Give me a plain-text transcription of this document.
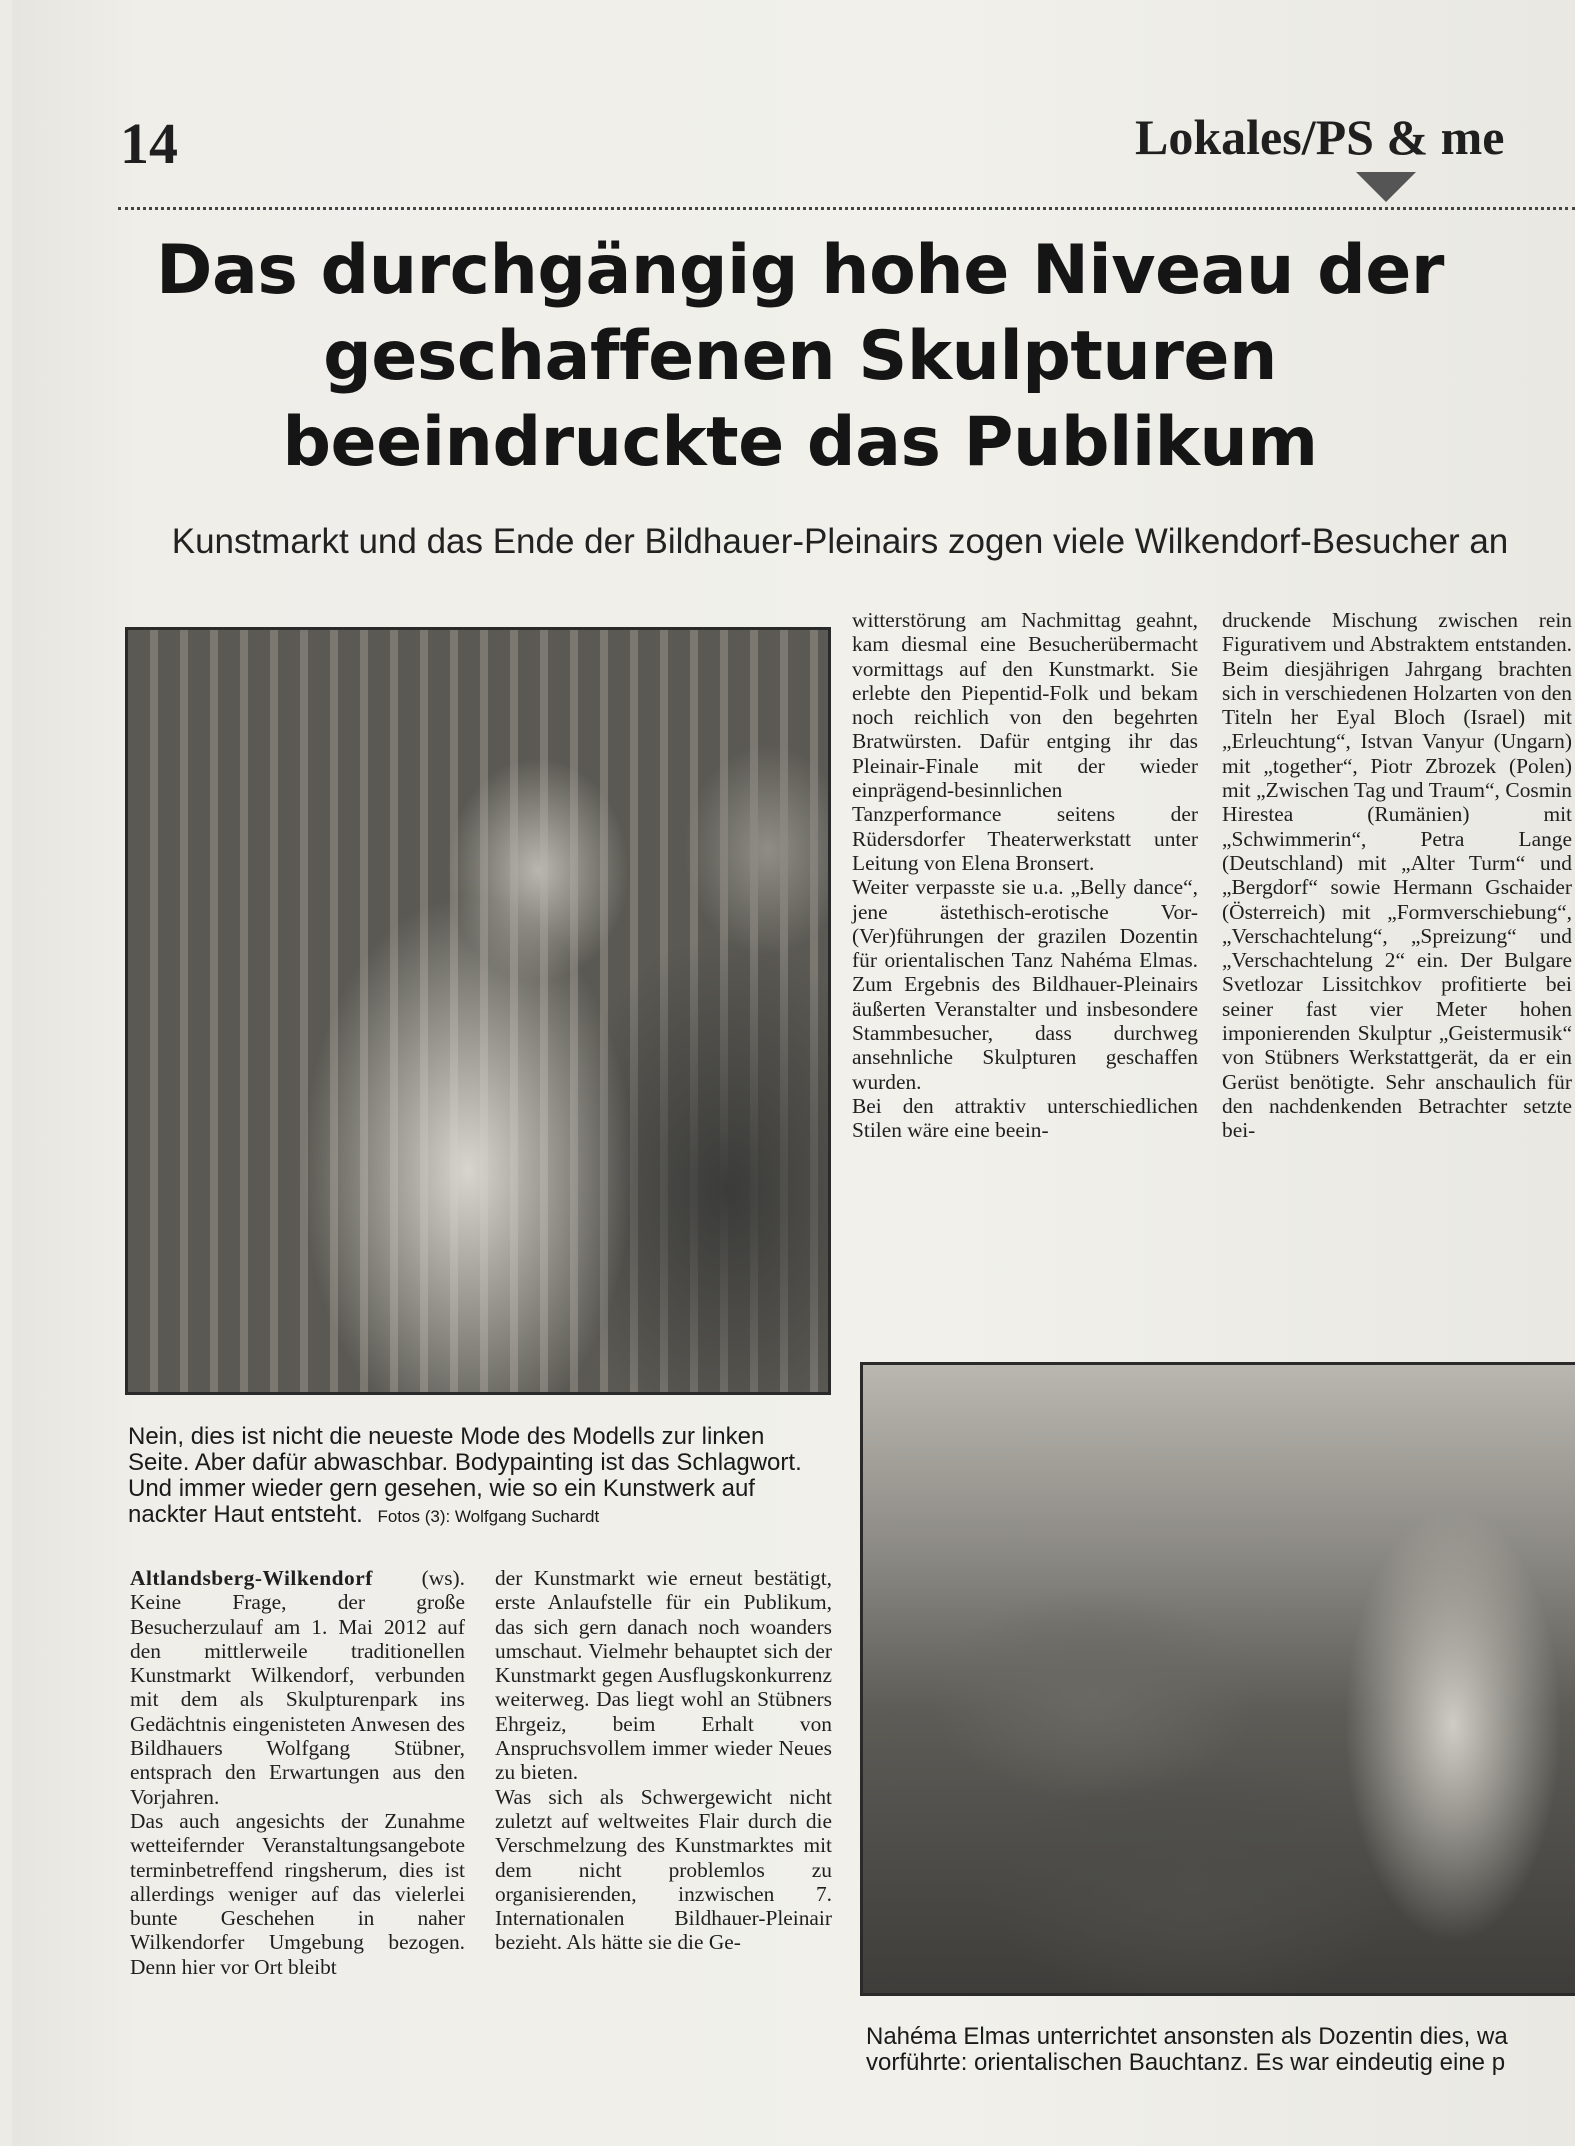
14	Lokales/PS & me
Das durchgängig hohe Niveau der geschaffenen Skulpturen beeindruckte das Publikum
Kunstmarkt und das Ende der Bildhauer-Pleinairs zogen viele Wilkendorf-Besucher an
Nein, dies ist nicht die neueste Mode des Modells zur linken Seite. Aber dafür abwaschbar. Bodypainting ist das Schlagwort. Und immer wieder gern gesehen, wie so ein Kunstwerk auf nackter Haut entsteht. Fotos (3): Wolfgang Suchardt

Altlandsberg-Wilkendorf (ws). Keine Frage, der große Besucherzulauf am 1. Mai 2012 auf den mittlerweile traditionellen Kunstmarkt Wilkendorf, verbunden mit dem als Skulpturenpark ins Gedächtnis eingenisteten Anwesen des Bildhauers Wolfgang Stübner, entsprach den Erwartungen aus den Vorjahren.

Das auch angesichts der Zunahme wetteifernder Veranstaltungsangebote terminbetreffend ringsherum, dies ist allerdings weniger auf das vielerlei bunte Geschehen in naher Wilkendorfer Umgebung bezogen. Denn hier vor Ort bleibt

der Kunstmarkt wie erneut bestätigt, erste Anlaufstelle für ein Publikum, das sich gern danach noch woanders umschaut. Vielmehr behauptet sich der Kunstmarkt gegen Ausflugskonkurrenz weiterweg. Das liegt wohl an Stübners Ehrgeiz, beim Erhalt von Anspruchsvollem immer wieder Neues zu bieten.

Was sich als Schwergewicht nicht zuletzt auf weltweites Flair durch die Verschmelzung des Kunstmarktes mit dem nicht problemlos zu organisierenden, inzwischen 7. Internationalen Bildhauer-Pleinair bezieht. Als hätte sie die Ge-

witterstörung am Nachmittag geahnt, kam diesmal eine Besucherübermacht vormittags auf den Kunstmarkt. Sie erlebte den Piepentid-Folk und bekam noch reichlich von den begehrten Bratwürsten. Dafür entging ihr das Pleinair-Finale mit der wieder einprägend-besinnlichen Tanzperformance seitens der Rüdersdorfer Theaterwerkstatt unter Leitung von Elena Bronsert.

Weiter verpasste sie u.a. „Belly dance“, jene ästethisch-erotische Vor-(Ver)führungen der grazilen Dozentin für orientalischen Tanz Nahéma Elmas. Zum Ergebnis des Bildhauer-Pleinairs äußerten Veranstalter und insbesondere Stammbesucher, dass durchweg ansehnliche Skulpturen geschaffen wurden.

Bei den attraktiv unterschiedlichen Stilen wäre eine beein-

druckende Mischung zwischen rein Figurativem und Abstraktem entstanden. Beim diesjährigen Jahrgang brachten sich in verschiedenen Holzarten von den Titeln her Eyal Bloch (Israel) mit „Erleuchtung“, Istvan Vanyur (Ungarn) mit „together“, Piotr Zbrozek (Polen) mit „Zwischen Tag und Traum“, Cosmin Hirestea (Rumänien) mit „Schwimmerin“, Petra Lange (Deutschland) mit „Alter Turm“ und „Bergdorf“ sowie Hermann Gschaider (Österreich) mit „Formverschiebung“, „Verschachtelung“, „Spreizung“ und „Verschachtelung 2“ ein. Der Bulgare Svetlozar Lissitchkov profitierte bei seiner fast vier Meter hohen imponierenden Skulptur „Geistermusik“ von Stübners Werkstattgerät, da er ein Gerüst benötigte. Sehr anschaulich für den nachdenkenden Betrachter setzte bei-

Nahéma Elmas unterrichtet ansonsten als Dozentin dies, wa
vorführte: orientalischen Bauchtanz. Es war eindeutig eine p
